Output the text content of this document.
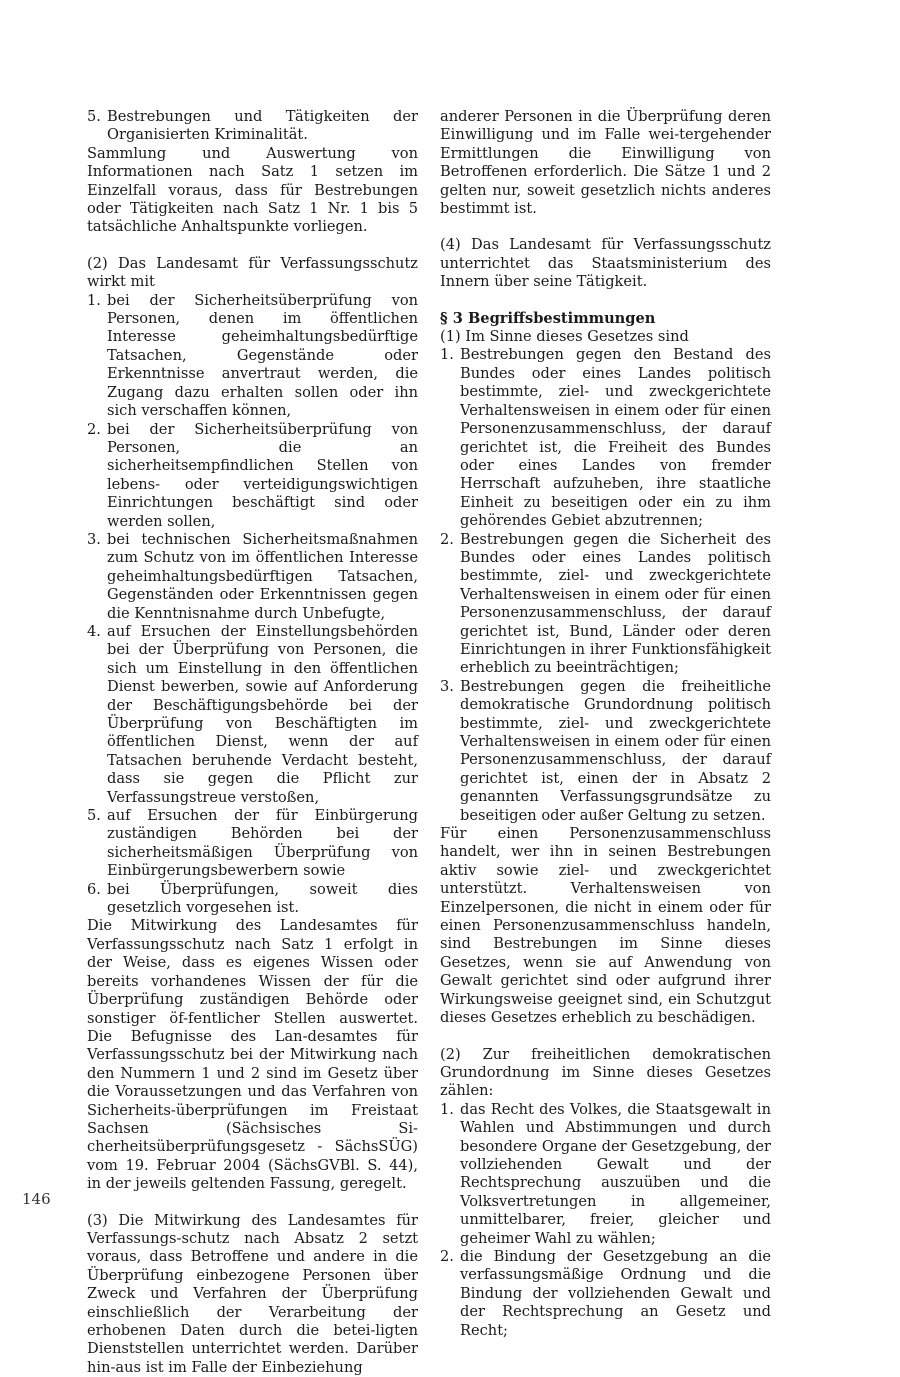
5. Bestrebungen und Tätigkeiten der Organisierten Kriminalität.

Sammlung und Auswertung von Informationen nach Satz 1 setzen im Einzelfall voraus, dass für Bestrebungen oder Tätigkeiten nach Satz 1 Nr. 1 bis 5 tatsächliche Anhaltspunkte vorliegen.

(2) Das Landesamt für Verfassungsschutz wirkt mit

1. bei der Sicherheitsüberprüfung von Personen, denen im öffentlichen Interesse geheimhaltungsbedürftige Tatsachen, Gegenstände oder Erkenntnisse anvertraut werden, die Zugang dazu erhalten sollen oder ihn sich verschaffen können,
2. bei der Sicherheitsüberprüfung von Personen, die an sicherheitsempfindlichen Stellen von lebens- oder verteidigungswichtigen Einrichtungen beschäftigt sind oder werden sollen,
3. bei technischen Sicherheitsmaßnahmen zum Schutz von im öffentlichen Interesse geheimhaltungsbedürftigen Tatsachen, Gegenständen oder Erkenntnissen gegen die Kenntnisnahme durch Unbefugte,
4. auf Ersuchen der Einstellungsbehörden bei der Überprüfung von Personen, die sich um Einstellung in den öffentlichen Dienst bewerben, sowie auf Anforderung der Beschäftigungsbehörde bei der Überprüfung von Beschäftigten im öffentlichen Dienst, wenn der auf Tatsachen beruhende Verdacht besteht, dass sie gegen die Pflicht zur Verfassungstreue verstoßen,
5. auf Ersuchen der für Einbürgerung zuständigen Behörden bei der sicherheitsmäßigen Überprüfung von Einbürgerungsbewerbern sowie
6. bei Überprüfungen, soweit dies gesetzlich vorgesehen ist.

Die Mitwirkung des Landesamtes für Verfassungsschutz nach Satz 1 erfolgt in der Weise, dass es eigenes Wissen oder bereits vorhandenes Wissen der für die Überprüfung zuständigen Behörde oder sonstiger öf-fentlicher Stellen auswertet. Die Befugnisse des Lan-desamtes für Verfassungsschutz bei der Mitwirkung nach den Nummern 1 und 2 sind im Gesetz über die Voraussetzungen und das Verfahren von Sicherheits-überprüfungen im Freistaat Sachsen (Sächsisches Si-cherheitsüberprüfungsgesetz - SächsSÜG) vom 19. Februar 2004 (SächsGVBl. S. 44), in der jeweils geltenden Fassung, geregelt.

(3) Die Mitwirkung des Landesamtes für Verfassungs-schutz nach Absatz 2 setzt voraus, dass Betroffene und andere in die Überprüfung einbezogene Personen über Zweck und Verfahren der Überprüfung einschließlich der Verarbeitung der erhobenen Daten durch die betei-ligten Dienststellen unterrichtet werden. Darüber hin-aus ist im Falle der Einbeziehung

anderer Personen in die Überprüfung deren Einwilligung und im Falle wei-tergehender Ermittlungen die Einwilligung von Betroffenen erforderlich. Die Sätze 1 und 2 gelten nur, soweit gesetzlich nichts anderes bestimmt ist.

(4) Das Landesamt für Verfassungsschutz unterrichtet das Staatsministerium des Innern über seine Tätigkeit.

§ 3 Begriffsbestimmungen

(1) Im Sinne dieses Gesetzes sind

1. Bestrebungen gegen den Bestand des Bundes oder eines Landes politisch bestimmte, ziel- und zweckgerichtete Verhaltensweisen in einem oder für einen Personenzusammenschluss, der darauf gerichtet ist, die Freiheit des Bundes oder eines Landes von fremder Herrschaft aufzuheben, ihre staatliche Einheit zu beseitigen oder ein zu ihm gehörendes Gebiet abzutrennen;
2. Bestrebungen gegen die Sicherheit des Bundes oder eines Landes politisch bestimmte, ziel- und zweckgerichtete Verhaltensweisen in einem oder für einen Personenzusammenschluss, der darauf gerichtet ist, Bund, Länder oder deren Einrichtungen in ihrer Funktionsfähigkeit erheblich zu beeinträchtigen;
3. Bestrebungen gegen die freiheitliche demokratische Grundordnung politisch bestimmte, ziel- und zweckgerichtete Verhaltensweisen in einem oder für einen Personenzusammenschluss, der darauf gerichtet ist, einen der in Absatz 2 genannten Verfassungsgrundsätze zu beseitigen oder außer Geltung zu setzen.

Für einen Personenzusammenschluss handelt, wer ihn in seinen Bestrebungen aktiv sowie ziel- und zweckgerichtet unterstützt. Verhaltensweisen von Einzelpersonen, die nicht in einem oder für einen Personenzusammenschluss handeln, sind Bestrebungen im Sinne dieses Gesetzes, wenn sie auf Anwendung von Gewalt gerichtet sind oder aufgrund ihrer Wirkungsweise geeignet sind, ein Schutzgut dieses Gesetzes erheblich zu beschädigen.

(2) Zur freiheitlichen demokratischen Grundordnung im Sinne dieses Gesetzes zählen:

1. das Recht des Volkes, die Staatsgewalt in Wahlen und Abstimmungen und durch besondere Organe der Gesetzgebung, der vollziehenden Gewalt und der Rechtsprechung auszuüben und die Volksvertretungen in allgemeiner, unmittelbarer, freier, gleicher und geheimer Wahl zu wählen;
2. die Bindung der Gesetzgebung an die verfassungsmäßige Ordnung und die Bindung der vollziehenden Gewalt und der Rechtsprechung an Gesetz und Recht;
146
